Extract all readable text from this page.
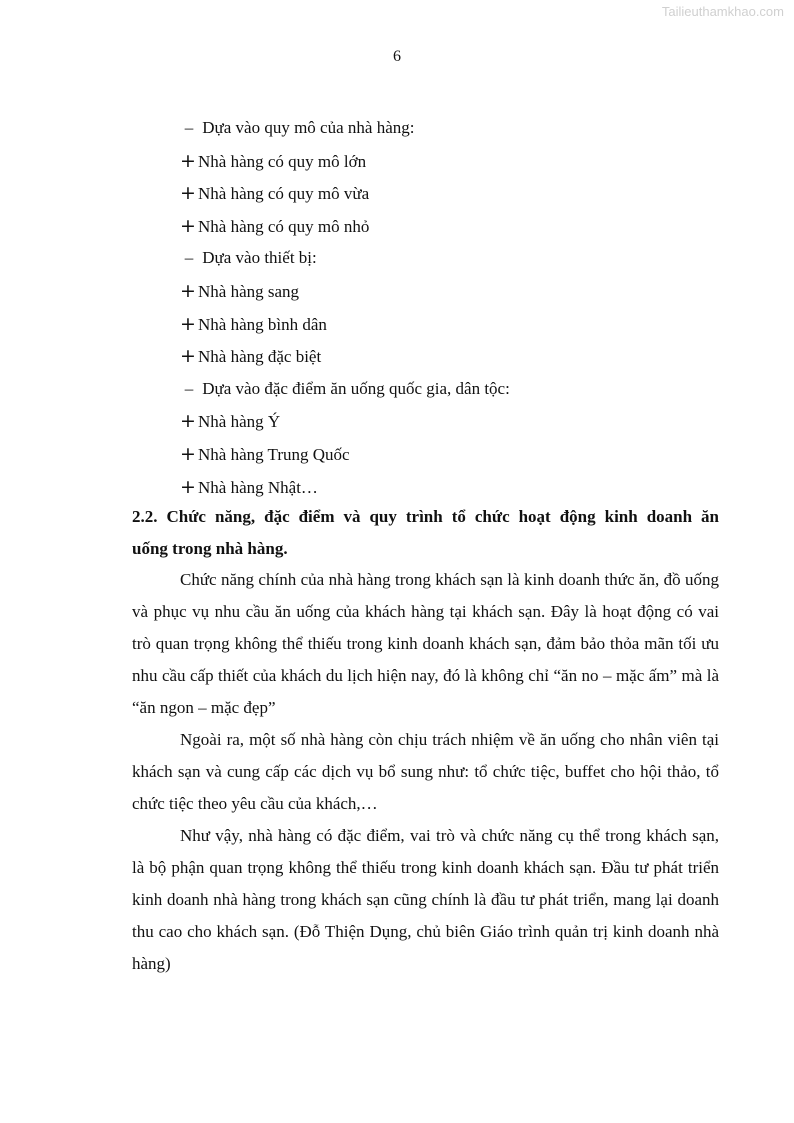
Tailieuthamkhao.com
6
– Dựa vào quy mô của nhà hàng:
+ Nhà hàng có quy mô lớn
+ Nhà hàng có quy mô vừa
+ Nhà hàng có quy mô nhỏ
– Dựa vào thiết bị:
+ Nhà hàng sang
+ Nhà hàng bình dân
+ Nhà hàng đặc biệt
– Dựa vào đặc điểm ăn uống quốc gia, dân tộc:
+ Nhà hàng Ý
+ Nhà hàng Trung Quốc
+ Nhà hàng Nhật…
2.2. Chức năng, đặc điểm và quy trình tổ chức hoạt động kinh doanh ăn
uống trong nhà hàng.

Chức năng chính của nhà hàng trong khách sạn là kinh doanh thức ăn, đồ uống và phục vụ nhu cầu ăn uống của khách hàng tại khách sạn. Đây là hoạt động có vai trò quan trọng không thể thiếu trong kinh doanh khách sạn, đảm bảo thỏa mãn tối ưu nhu cầu cấp thiết của khách du lịch hiện nay, đó là không chỉ “ăn no – mặc ấm” mà là “ăn ngon – mặc đẹp”

Ngoài ra, một số nhà hàng còn chịu trách nhiệm về ăn uống cho nhân viên tại khách sạn và cung cấp các dịch vụ bổ sung như: tổ chức tiệc, buffet cho hội thảo, tổ chức tiệc theo yêu cầu của khách,…

Như vậy, nhà hàng có đặc điểm, vai trò và chức năng cụ thể trong khách sạn, là bộ phận quan trọng không thể thiếu trong kinh doanh khách sạn. Đầu tư phát triển kinh doanh nhà hàng trong khách sạn cũng chính là đầu tư phát triển, mang lại doanh thu cao cho khách sạn. (Đỗ Thiện Dụng, chủ biên Giáo trình quản trị kinh doanh nhà hàng)
